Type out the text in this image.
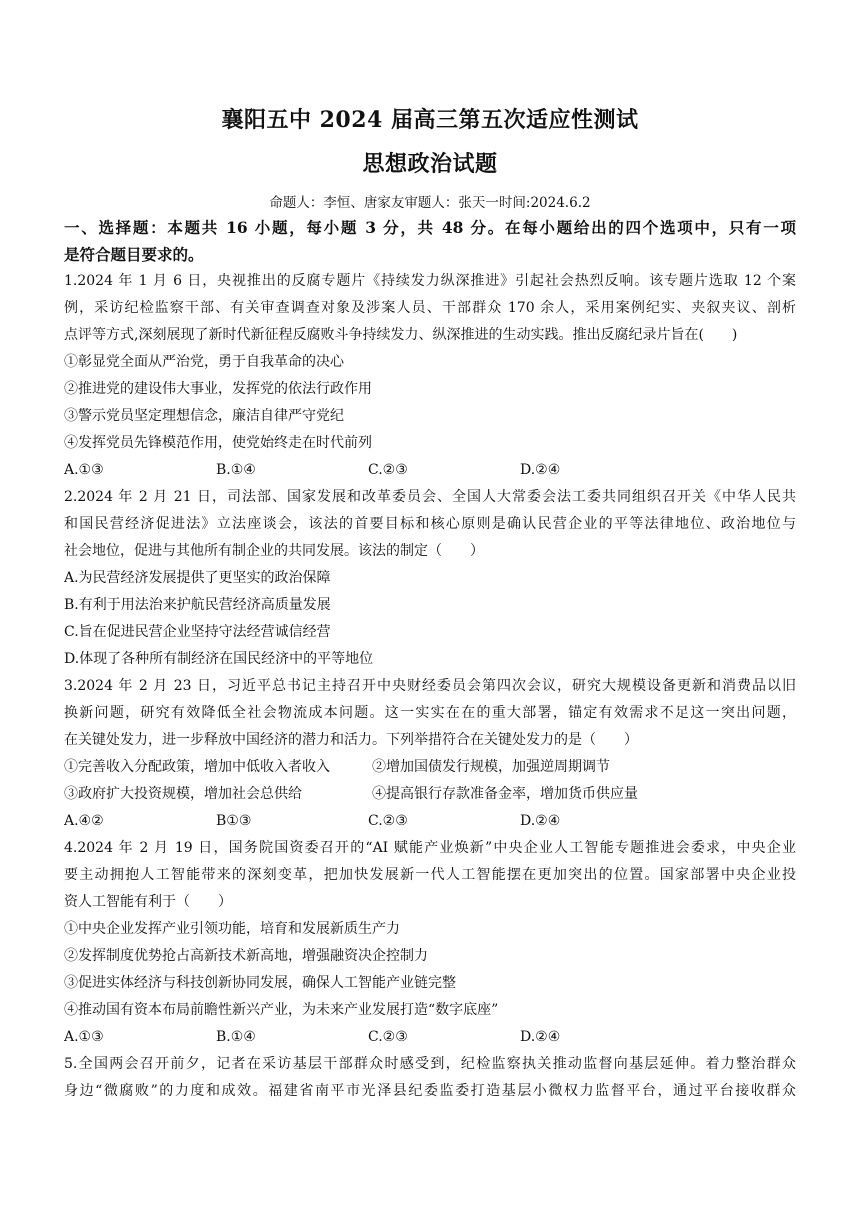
襄阳五中 2024 届高三第五次适应性测试
思想政治试题
命题人：李恒、唐家友审题人：张天一时间:2024.6.2
一、选择题：本题共 16 小题，每小题 3 分，共 48 分。在每小题给出的四个选项中，只有一项
是符合题目要求的。
1.2024 年 1 月 6 日，央视推出的反腐专题片《持续发力纵深推进》引起社会热烈反响。该专题片选取 12 个案
例，采访纪检监察干部、有关审查调查对象及涉案人员、干部群众 170 余人，采用案例纪实、夹叙夹议、剖析
点评等方式,深刻展现了新时代新征程反腐败斗争持续发力、纵深推进的生动实践。推出反腐纪录片旨在(　　)
①彰显党全面从严治党，勇于自我革命的决心
②推进党的建设伟大事业，发挥党的依法行政作用
③警示党员坚定理想信念，廉洁自律严守党纪
④发挥党员先锋模范作用，使党始终走在时代前列
A.①③	B.①④	C.②③	D.②④
2.2024 年 2 月 21 日，司法部、国家发展和改革委员会、全国人大常委会法工委共同组织召开关《中华人民共
和国民营经济促进法》立法座谈会，该法的首要目标和核心原则是确认民营企业的平等法律地位、政治地位与
社会地位，促进与其他所有制企业的共同发展。该法的制定（　　）
A.为民营经济发展提供了更坚实的政治保障
B.有利于用法治来护航民营经济高质量发展
C.旨在促进民营企业坚持守法经营诚信经营
D.体现了各种所有制经济在国民经济中的平等地位
3.2024 年 2 月 23 日，习近平总书记主持召开中央财经委员会第四次会议，研究大规模设备更新和消费品以旧
换新问题，研究有效降低全社会物流成本问题。这一实实在在的重大部署，锚定有效需求不足这一突出问题，
在关键处发力，进一步释放中国经济的潜力和活力。下列举措符合在关键处发力的是（　　）
①完善收入分配政策，增加中低收入者收入	②增加国债发行规模，加强逆周期调节
③政府扩大投资规模，增加社会总供给	④提高银行存款准备金率，增加货币供应量
A.④②	B①③	C.②③	D.②④
4.2024 年 2 月 19 日，国务院国资委召开的“AI 赋能产业焕新”中央企业人工智能专题推进会委求，中央企业
要主动拥抱人工智能带来的深刻变革，把加快发展新一代人工智能摆在更加突出的位置。国家部署中央企业投
资人工智能有利于（　　）
①中央企业发挥产业引领功能，培育和发展新质生产力
②发挥制度优势抢占高新技术新高地，增强融资决企控制力
③促进实体经济与科技创新协同发展，确保人工智能产业链完整
④推动国有资本布局前瞻性新兴产业，为未来产业发展打造“数字底座”
A.①③	B.①④	C.②③	D.②④
5.全国两会召开前夕，记者在采访基层干部群众时感受到，纪检监察执关推动监督向基层延伸。着力整治群众
身边“微腐败”的力度和成效。福建省南平市光泽县纪委监委打造基层小微权力监督平台，通过平台接收群众
